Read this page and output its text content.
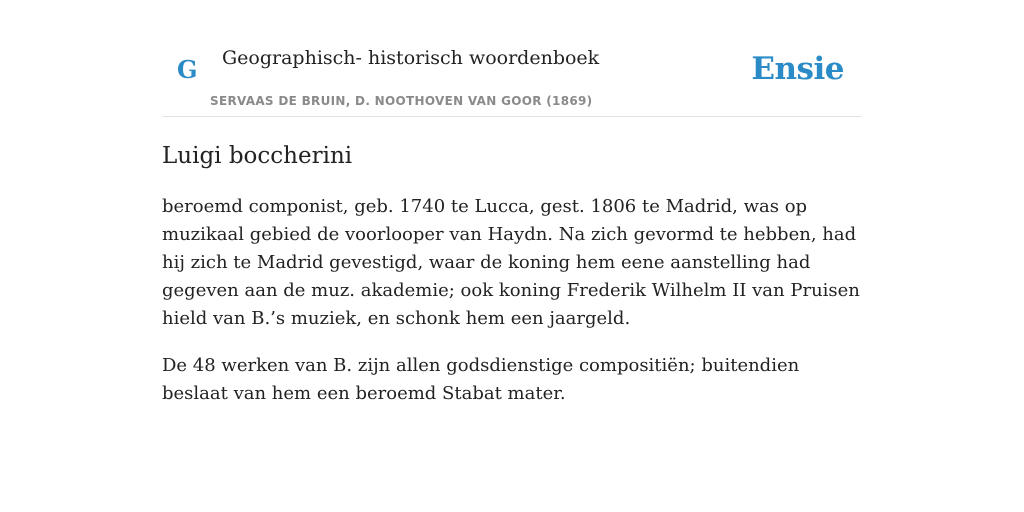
G Geographisch- historisch woordenboek
SERVAAS DE BRUIN, D. NOOTHOVEN VAN GOOR (1869)
Ensie
Luigi boccherini

beroemd componist, geb. 1740 te Lucca, gest. 1806 te Madrid, was op muzikaal gebied de voorlooper van Haydn. Na zich gevormd te hebben, had hij zich te Madrid gevestigd, waar de koning hem eene aanstelling had gegeven aan de muz. akademie; ook koning Frederik Wilhelm II van Pruisen hield van B.’s muziek, en schonk hem een jaargeld.

De 48 werken van B. zijn allen godsdienstige compositiën; buitendien beslaat van hem een beroemd Stabat mater.
